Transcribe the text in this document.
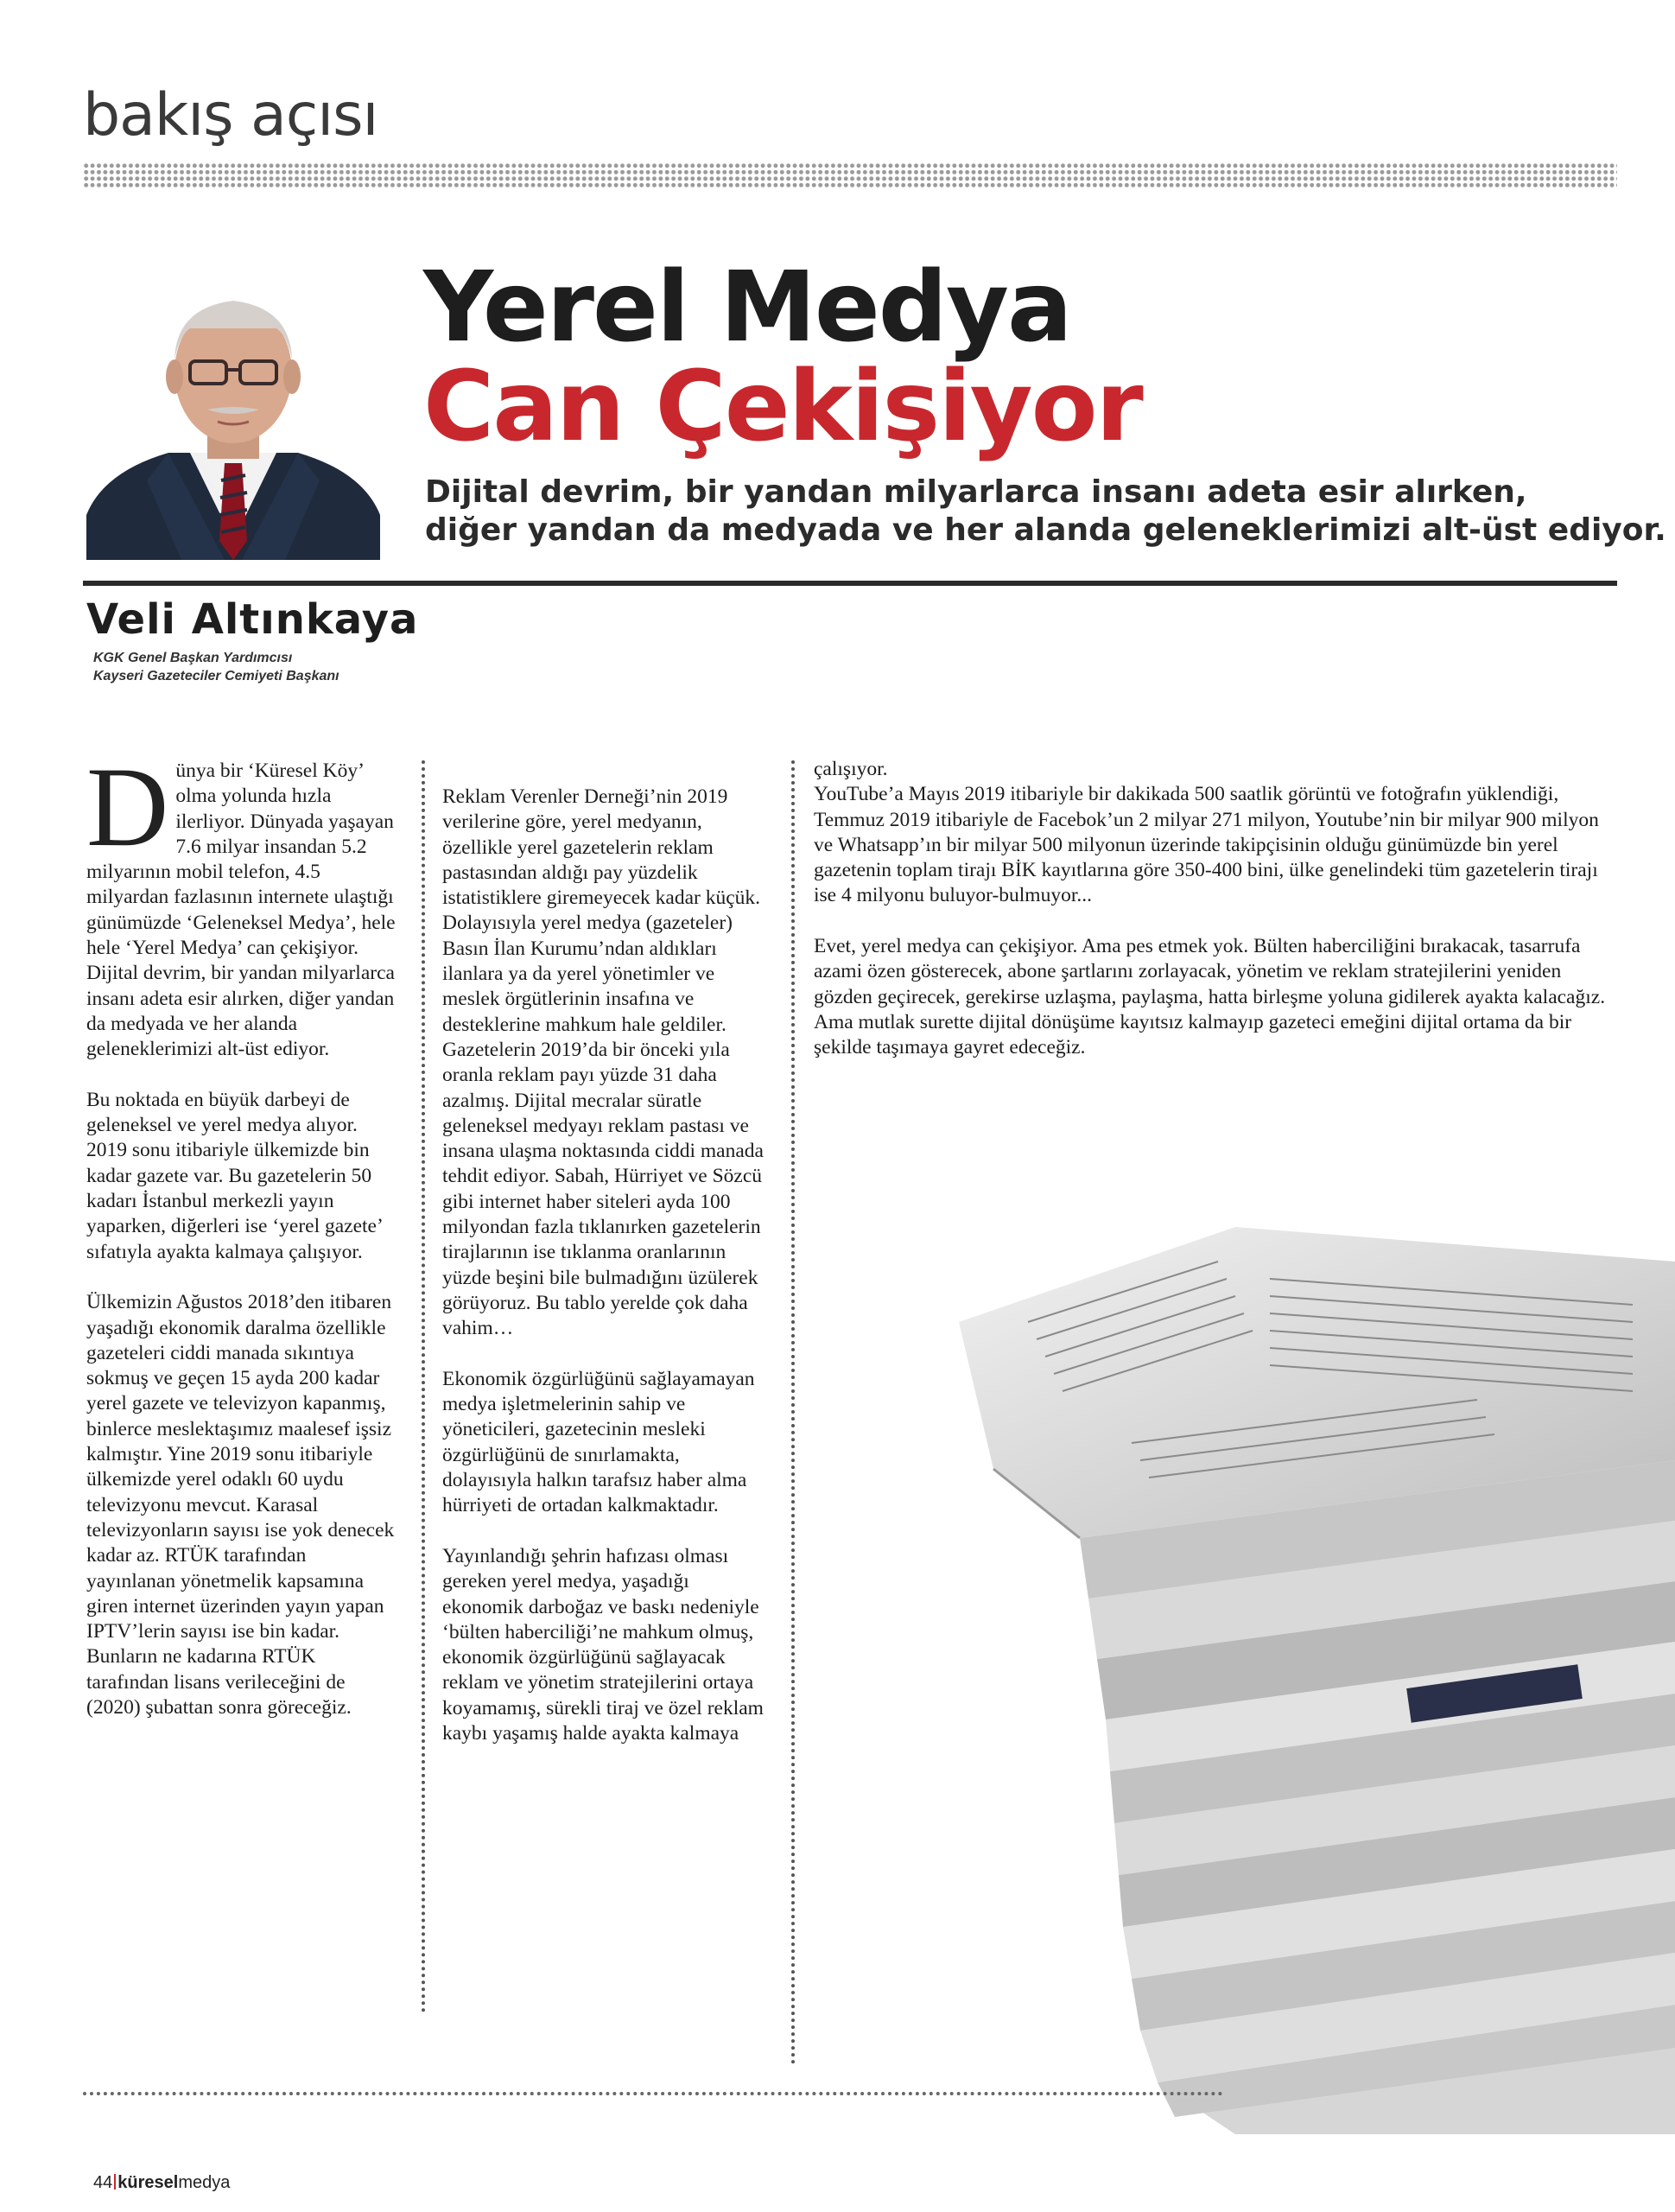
bakış açısı
Yerel Medya
Can Çekişiyor
Dijital devrim, bir yandan milyarlarca insanı adeta esir alırken,
diğer yandan da medyada ve her alanda geleneklerimizi alt-üst ediyor.
Veli Altınkaya
KGK Genel Başkan Yardımcısı
Kayseri Gazeteciler Cemiyeti Başkanı

Dünya bir ‘Küresel Köy’ olma yolunda hızla ilerliyor. Dünyada yaşayan 7.6 milyar insandan 5.2 milyarının mobil telefon, 4.5 milyardan fazlasının internete ulaştığı günümüzde ‘Geleneksel Medya’, hele hele ‘Yerel Medya’ can çekişiyor. Dijital devrim, bir yandan milyarlarca insanı adeta esir alırken, diğer yandan da medyada ve her alanda geleneklerimizi alt-üst ediyor.

Bu noktada en büyük darbeyi de geleneksel ve yerel medya alıyor. 2019 sonu itibariyle ülkemizde bin kadar gazete var. Bu gazetelerin 50 kadarı İstanbul merkezli yayın yaparken, diğerleri ise ‘yerel gazete’ sıfatıyla ayakta kalmaya çalışıyor.

Ülkemizin Ağustos 2018’den itibaren yaşadığı ekonomik daralma özellikle gazeteleri ciddi manada sıkıntıya sokmuş ve geçen 15 ayda 200 kadar yerel gazete ve televizyon kapanmış, binlerce meslektaşımız maalesef işsiz kalmıştır. Yine 2019 sonu itibariyle ülkemizde yerel odaklı 60 uydu televizyonu mevcut. Karasal televizyonların sayısı ise yok denecek kadar az. RTÜK tarafından yayınlanan yönetmelik kapsamına giren internet üzerinden yayın yapan IPTV’lerin sayısı ise bin kadar. Bunların ne kadarına RTÜK tarafından lisans verileceğini de (2020) şubattan sonra göreceğiz.

Reklam Verenler Derneği’nin 2019 verilerine göre, yerel medyanın, özellikle yerel gazetelerin reklam pastasından aldığı pay yüzdelik istatistiklere giremeyecek kadar küçük. Dolayısıyla yerel medya (gazeteler) Basın İlan Kurumu’ndan aldıkları ilanlara ya da yerel yönetimler ve meslek örgütlerinin insafına ve desteklerine mahkum hale geldiler. Gazetelerin 2019’da bir önceki yıla oranla reklam payı yüzde 31 daha azalmış. Dijital mecralar süratle geleneksel medyayı reklam pastası ve insana ulaşma noktasında ciddi manada tehdit ediyor. Sabah, Hürriyet ve Sözcü gibi internet haber siteleri ayda 100 milyondan fazla tıklanırken gazetelerin tirajlarının ise tıklanma oranlarının yüzde beşini bile bulmadığını üzülerek görüyoruz. Bu tablo yerelde çok daha vahim…

Ekonomik özgürlüğünü sağlayamayan medya işletmelerinin sahip ve yöneticileri, gazetecinin mesleki özgürlüğünü de sınırlamakta, dolayısıyla halkın tarafsız haber alma hürriyeti de ortadan kalkmaktadır.

Yayınlandığı şehrin hafızası olması gereken yerel medya, yaşadığı ekonomik darboğaz ve baskı nedeniyle ‘bülten haberciliği’ne mahkum olmuş, ekonomik özgürlüğünü sağlayacak reklam ve yönetim stratejilerini ortaya koyamamış, sürekli tiraj ve özel reklam kaybı yaşamış halde ayakta kalmaya

çalışıyor.

YouTube’a Mayıs 2019 itibariyle bir dakikada 500 saatlik görüntü ve fotoğrafın yüklendiği, Temmuz 2019 itibariyle de Facebok’un 2 milyar 271 milyon, Youtube’nin bir milyar 900 milyon ve Whatsapp’ın bir milyar 500 milyonun üzerinde takipçisinin olduğu günümüzde bin yerel gazetenin toplam tirajı BİK kayıtlarına göre 350-400 bini, ülke genelindeki tüm gazetelerin tirajı ise 4 milyonu buluyor-bulmuyor...

Evet, yerel medya can çekişiyor. Ama pes etmek yok. Bülten haberciliğini bırakacak, tasarrufa azami özen gösterecek, abone şartlarını zorlayacak, yönetim ve reklam stratejilerini yeniden gözden geçirecek, gerekirse uzlaşma, paylaşma, hatta birleşme yoluna gidilerek ayakta kalacağız. Ama mutlak surette dijital dönüşüme kayıtsız kalmayıp gazeteci emeğini dijital ortama da bir şekilde taşımaya gayret edeceğiz.

44 küreselmedya
